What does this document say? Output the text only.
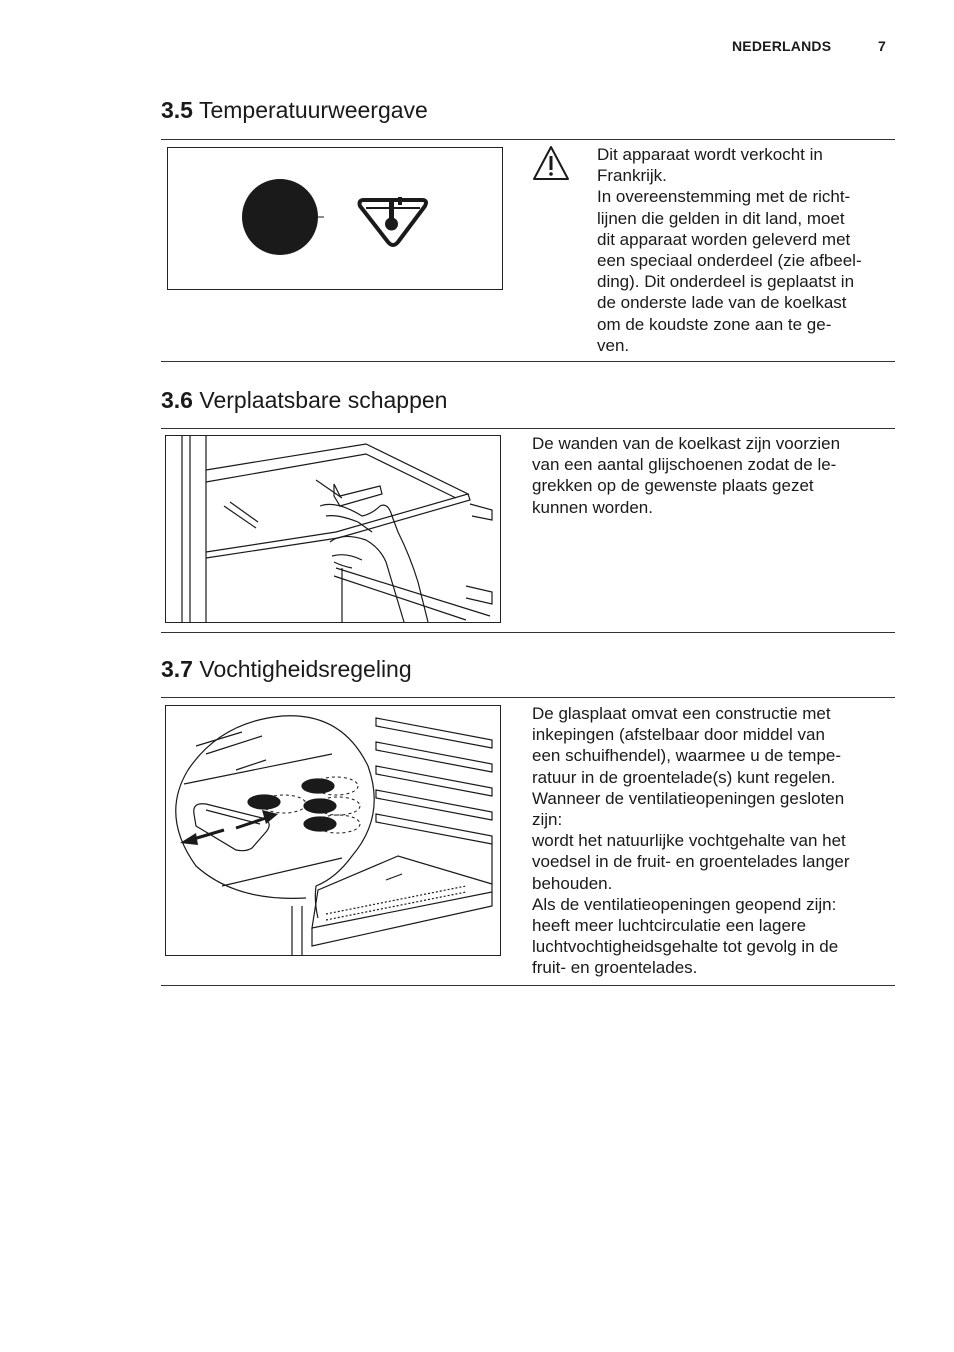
NEDERLANDS	7
3.5 Temperatuurweergave
Dit apparaat wordt verkocht in
Frankrijk.
In overeenstemming met de richt-
lijnen die gelden in dit land, moet
dit apparaat worden geleverd met
een speciaal onderdeel (zie afbeel-
ding). Dit onderdeel is geplaatst in
de onderste lade van de koelkast
om de koudste zone aan te ge-
ven.
3.6 Verplaatsbare schappen
De wanden van de koelkast zijn voorzien
van een aantal glijschoenen zodat de le-
grekken op de gewenste plaats gezet
kunnen worden.
3.7 Vochtigheidsregeling
De glasplaat omvat een constructie met
inkepingen (afstelbaar door middel van
een schuifhendel), waarmee u de tempe-
ratuur in de groentelade(s) kunt regelen.
Wanneer de ventilatieopeningen gesloten
zijn:
wordt het natuurlijke vochtgehalte van het
voedsel in de fruit- en groentelades langer
behouden.
Als de ventilatieopeningen geopend zijn:
heeft meer luchtcirculatie een lagere
luchtvochtigheidsgehalte tot gevolg in de
fruit- en groentelades.
